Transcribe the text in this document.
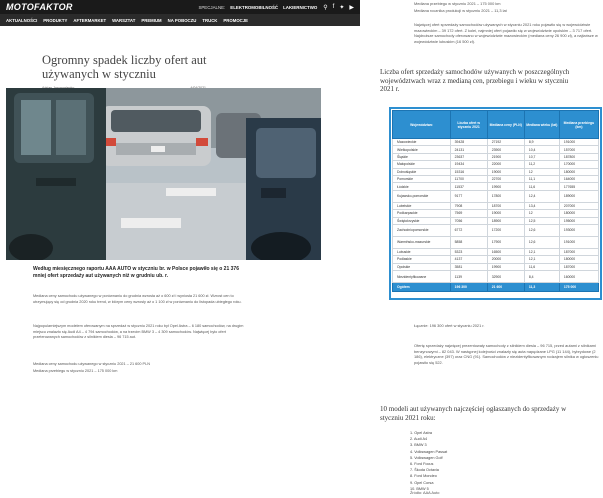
MOTOFAKTOR	SPECJALNE: ELEKTROMOBILNOŚĆ LAKIERNICTWO ⚲ f ✦ ▶
AKTUALNOŚCI PRODUKTY AFTERMARKET WARSZTAT PREMIUM NA POBOCZU TRUCK PROMOCJE
Ogromny spadek liczby ofert aut używanych w styczniu
Według miesięcznego raportu AAA AUTO w styczniu br. w Polsce pojawiło się o 21 376 mniej ofert sprzedaży aut używanych niż w grudniu ub. r.
Mediana ceny samochodu używanego w porównaniu do grudnia wzrosła aż o 600 zł i wyniosła 21 600 zł. Wzrost cen to utrzymujący się od grudnia 2020 roku trend, w którym ceny wzrosły aż o 1 100 zł w porównaniu do listopada ubiegłego roku.
Najpopularniejszym modelem oferowanym na sprzedaż w styczniu 2021 roku był Opel Astra – 6 180 samochodów, na drugim miejscu znalazło się Audi A4 – 4 794 samochodów, a na trzecim BMW 3 – 4 309 samochodów. Najwięcej było ofert przeterowanych samochodów z silnikiem diesla – 96 715 aut.
Mediana ceny samochodu używanego w styczniu 2021 – 21 600 PLN
Mediana przebiegu w styczniu 2021 – 175 000 km
Mediana przebiegu w styczniu 2021 – 175 000 km
Mediana rocznika produkcji w styczniu 2021 – 11,3 lat
Najwięcej ofert sprzedaży samochodów używanych w styczniu 2021 roku pojawiło się w województwie mazowieckim – 39 172 ofert. Z kolei, najmniej ofert pojawiło się w województwie opolskim – 3 717 ofert. Najdroższe samochody oferowano w województwie mazowieckim (mediana ceny 26 900 zł), a najtańsze w województwie lubuskim (16 500 zł).
Liczba ofert sprzedaży samochodów używanych w poszczególnych województwach wraz z medianą cen, przebiegu i wieku w styczniu 2021 r.
Województwo	Liczba ofert w styczniu 2021	Mediana ceny (PLN)	Mediana wieku (lat)	Mediana przebiegu (km)
Mazowieckie	39428	27192	8,9	191000
Wielkopolskie	24131	23900	10,4	157000
Śląskie	23637	21900	10,7	187800
Małopolskie	19434	22000	11,2	170000
Dolnośląskie	15316	19000	12	180000
Pomorskie	11700	22700	11,1	164000
Łódzkie	11537	19900	11,6	177655
Kujawsko-pomorskie	9177	17800	12,4	189000
Lubelskie	7908	18700	13,4	207000
Podkarpackie	7569	19000	12	180000
Świętokrzyskie	7056	18900	12,5	195000
Zachodniopomorskie	6772	17200	12,6	193000
Warmińsko-mazurskie	5858	17900	12,6	191000
Lubuskie	5323	16500	12,1	187000
Podlaskie	4137	20000	12,1	180000
Opolskie	3581	19900	11,6	187000
Niezidentyfikowane	1139	32900	8,4	160000
Ogółem	196 300	21 600	11,3	175 000
Łącznie: 196 300 ofert w styczniu 2021 r.
Ofertę sprzedaży najwięcej prezentowały samochody z silnikiem diesla – 96 715, przed autami z silnikami benzynowymi – 82 043. W następnej kolejności znalazły się auta napędzane LPG (11 144), hybrydowe (2 186), elektryczne (397) oraz CNG (91). Samochodów z niezidentyfikowanym rodzajem silnika w ogłoszeniu pojawiło się 522.
10 modeli aut używanych najczęściej ogłaszanych do sprzedaży w styczniu 2021 roku:
1. Opel Astra
2. Audi A4
3. BMW 3
4. Volkswagen Passat
5. Volkswagen Golf
6. Ford Focus
7. Škoda Octavia
8. Ford Mondeo
9. Opel Corsa
10. BMW 5
Źródło: AAA Auto
